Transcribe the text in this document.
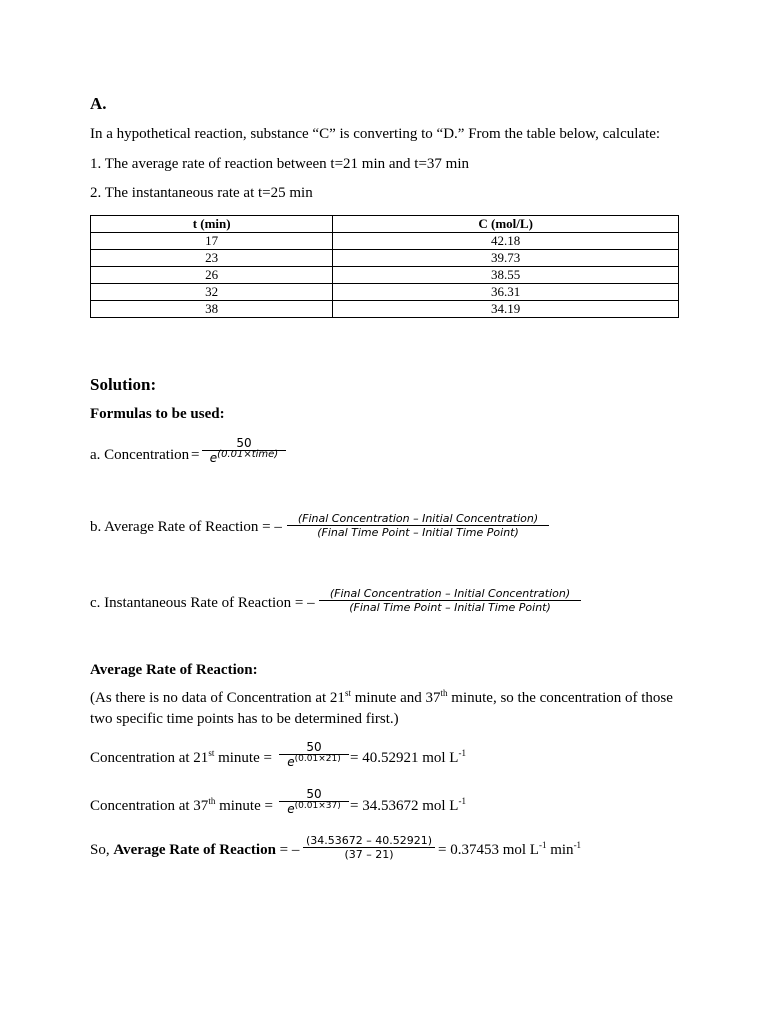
A.
In a hypothetical reaction, substance “C” is converting to “D.” From the table below, calculate:
1. The average rate of reaction between t=21 min and t=37 min
2. The instantaneous rate at t=25 min
t (min)	C (mol/L)
17	42.18
23	39.73
26	38.55
32	36.31
38	34.19
Solution:
Formulas to be used:
a. Concentration =
50
$e^{(0.01\times time)}$
b. Average Rate of Reaction = –
(Final Concentration – Initial Concentration)
(Final Time Point – Initial Time Point)
c. Instantaneous Rate of Reaction = –
(Final Concentration – Initial Concentration)
(Final Time Point – Initial Time Point)
Average Rate of Reaction:
(As there is no data of Concentration at 21st minute and 37th minute, so the concentration of those
two specific time points has to be determined first.)
Concentration at 21st minute =
50
$e^{(0.01\times 21)} = 40.52921$ mol $L^{-1}$
Concentration at 37th minute =
50
$e^{(0.01\times 37)} = 34.53672$ mol $L^{-1}$
So, Average Rate of Reaction = –
(34.53672 – 40.52921)
(37 – 21)	= 0.37453 mol $L^{-1}$ $\min^{-1}$
